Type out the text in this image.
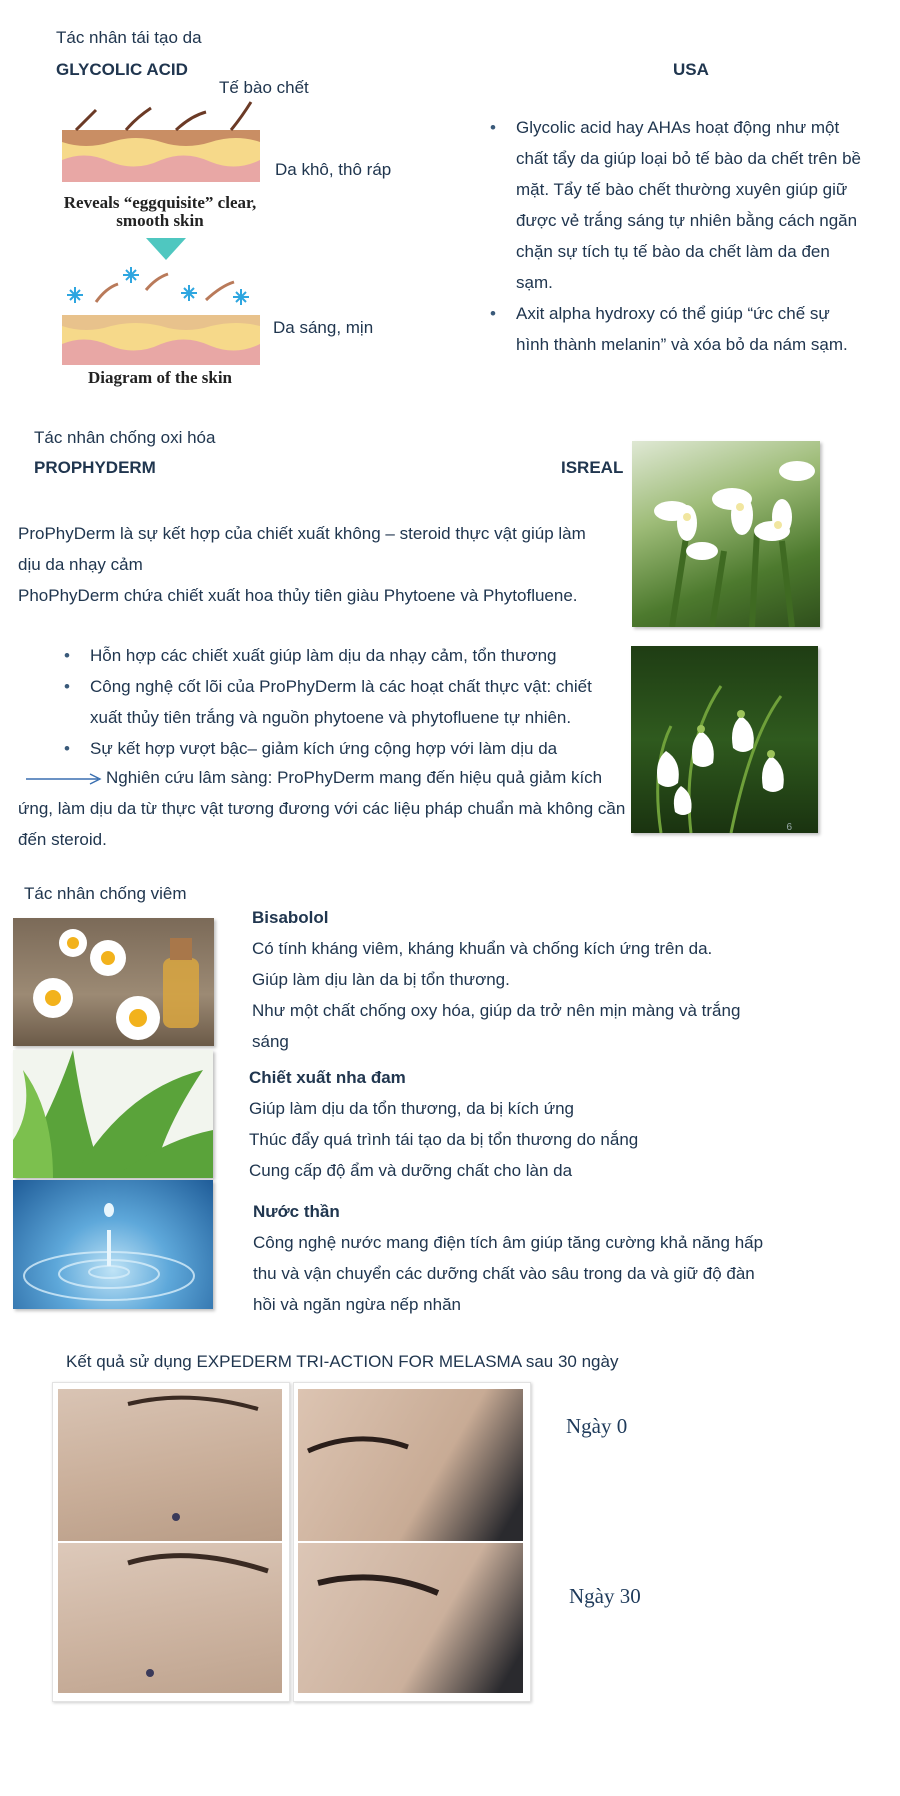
Tác nhân tái tạo da
GLYCOLIC ACID	USA
Reveals “eggquisite” clear, smooth skin
Diagram of the skin
Tế bào chết
Da khô, thô ráp
Da sáng, mịn
• Glycolic acid hay AHAs hoạt động như một chất tẩy da giúp loại bỏ tế bào da chết trên bề mặt. Tẩy tế bào chết thường xuyên giúp giữ được vẻ trắng sáng tự nhiên bằng cách ngăn chặn sự tích tụ tế bào da chết làm da đen sạm.
• Axit alpha hydroxy có thể giúp “ức chế sự hình thành melanin” và xóa bỏ da nám sạm.
Tác nhân chống oxi hóa
PROPHYDERM	ISREAL
ProPhyDerm là sự kết hợp của chiết xuất không – steroid thực vật giúp làm dịu da nhạy cảm
PhoPhyDerm chứa chiết xuất hoa thủy tiên giàu Phytoene và Phytofluene.
6
• Hỗn hợp các chiết xuất giúp làm dịu da nhạy cảm, tổn thương
• Công nghệ cốt lõi của ProPhyDerm là các hoạt chất thực vật: chiết xuất thủy tiên trắng và nguồn phytoene và phytofluene tự nhiên.
• Sự kết hợp vượt bậc– giảm kích ứng cộng hợp với làm dịu da
Nghiên cứu lâm sàng: ProPhyDerm mang đến hiệu quả giảm kích ứng, làm dịu da từ thực vật tương đương với các liệu pháp chuẩn mà không cần đến steroid.
Tác nhân chống viêm
Bisabolol
Có tính kháng viêm, kháng khuẩn và chống kích ứng trên da.
Giúp làm dịu làn da bị tổn thương.
Như một chất chống oxy hóa, giúp da trở nên mịn màng và trắng sáng
Chiết xuất nha đam
Giúp làm dịu da tổn thương, da bị kích ứng
Thúc đẩy quá trình tái tạo da bị tổn thương do nắng
Cung cấp độ ẩm và dưỡng chất cho làn da
Nước thần
Công nghệ nước mang điện tích âm giúp tăng cường khả năng hấp thu và vận chuyển các dưỡng chất vào sâu trong da và giữ độ đàn hồi và ngăn ngừa nếp nhăn
Kết quả sử dụng EXPEDERM TRI-ACTION FOR MELASMA sau 30 ngày
Ngày 0
Ngày 30
